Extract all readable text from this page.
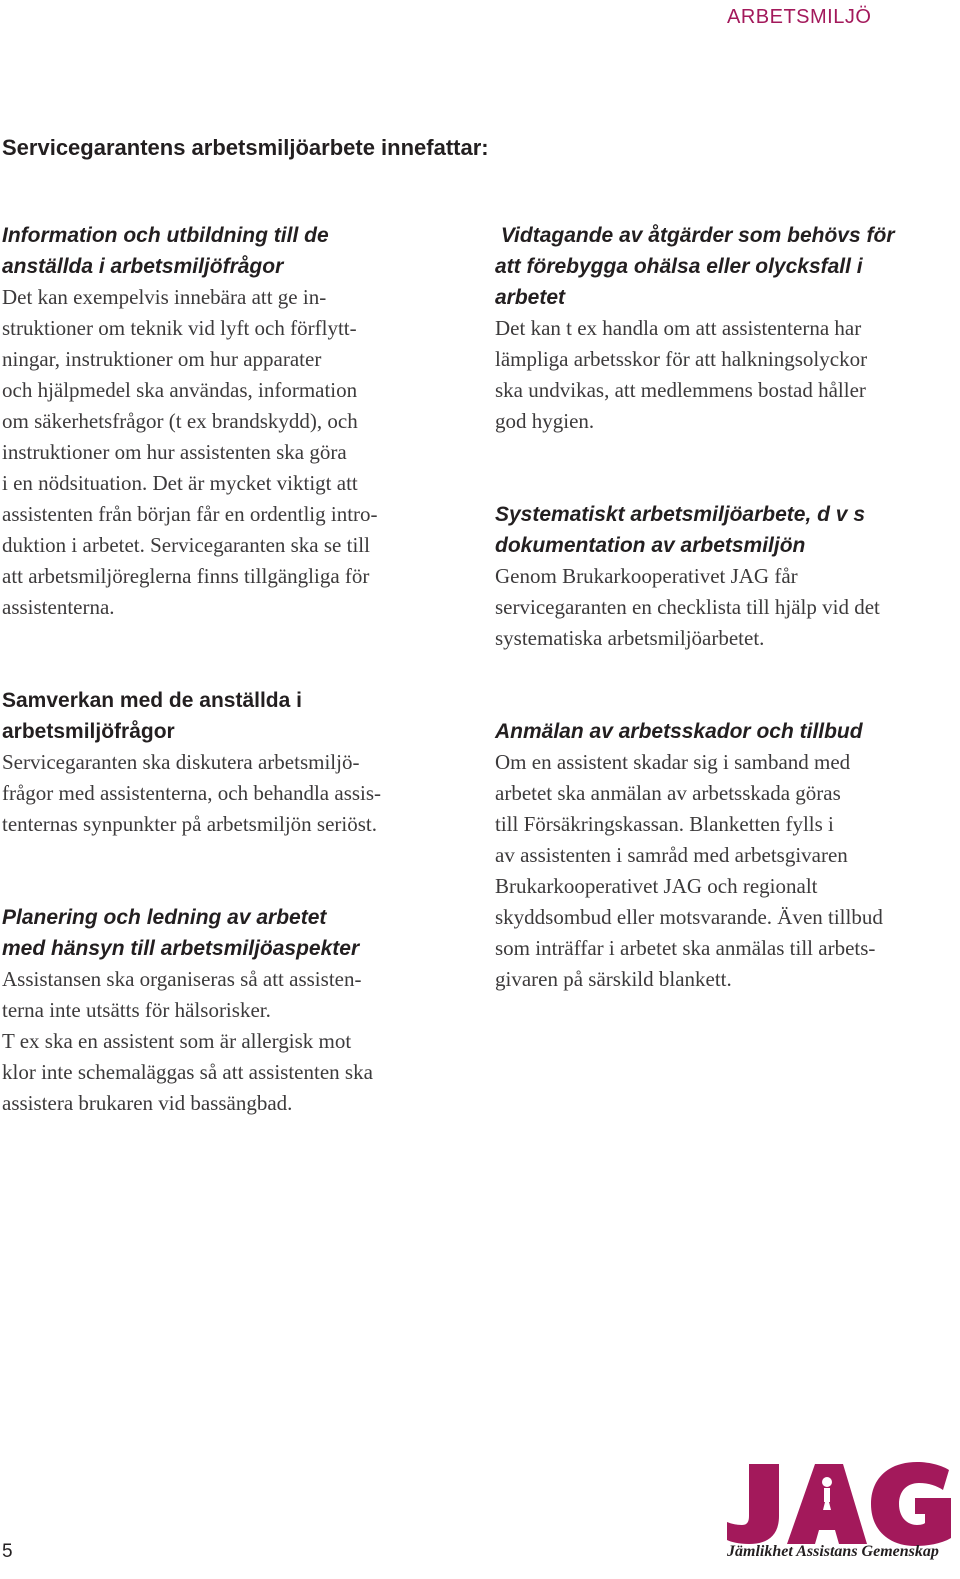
ARBETSMILJÖ
Servicegarantens arbetsmiljöarbete innefattar:
Information och utbildning till de
anställda i arbetsmiljöfrågor

Det kan exempelvis innebära att ge in-
struktioner om teknik vid lyft och förflytt-
ningar, instruktioner om hur apparater
och hjälpmedel ska användas, information
om säkerhetsfrågor (t ex brandskydd), och
instruktioner om hur assistenten ska göra
i en nödsituation. Det är mycket viktigt att
assistenten från början får en ordentlig intro-
duktion i arbetet. Servicegaranten ska se till
att arbetsmiljöreglerna finns tillgängliga för
assistenterna.

Samverkan med de anställda i
arbetsmiljöfrågor

Servicegaranten ska diskutera arbetsmiljö-
frågor med assistenterna, och behandla assis-
tenternas synpunkter på arbetsmiljön seriöst.

Planering och ledning av arbetet
med hänsyn till arbetsmiljöaspekter

Assistansen ska organiseras så att assisten-
terna inte utsätts för hälsorisker.
T ex ska en assistent som är allergisk mot
klor inte schemaläggas så att assistenten ska
assistera brukaren vid bassängbad.

Vidtagande av åtgärder som behövs för
att förebygga ohälsa eller olycksfall i
arbetet

Det kan t ex handla om att assistenterna har
lämpliga arbetsskor för att halkningsolyckor
ska undvikas, att medlemmens bostad håller
god hygien.

Systematiskt arbetsmiljöarbete, d v s
dokumentation av arbetsmiljön

Genom Brukarkooperativet JAG får
servicegaranten en checklista till hjälp vid det
systematiska arbetsmiljöarbetet.

Anmälan av arbetsskador och tillbud

Om en assistent skadar sig i samband med
arbetet ska anmälan av arbetsskada göras
till Försäkringskassan. Blanketten fylls i
av assistenten i samråd med arbetsgivaren
Brukarkooperativet JAG och regionalt
skyddsombud eller motsvarande. Även tillbud
som inträffar i arbetet ska anmälas till arbets-
givaren på särskild blankett.

5	Jämlikhet Assistans Gemenskap
